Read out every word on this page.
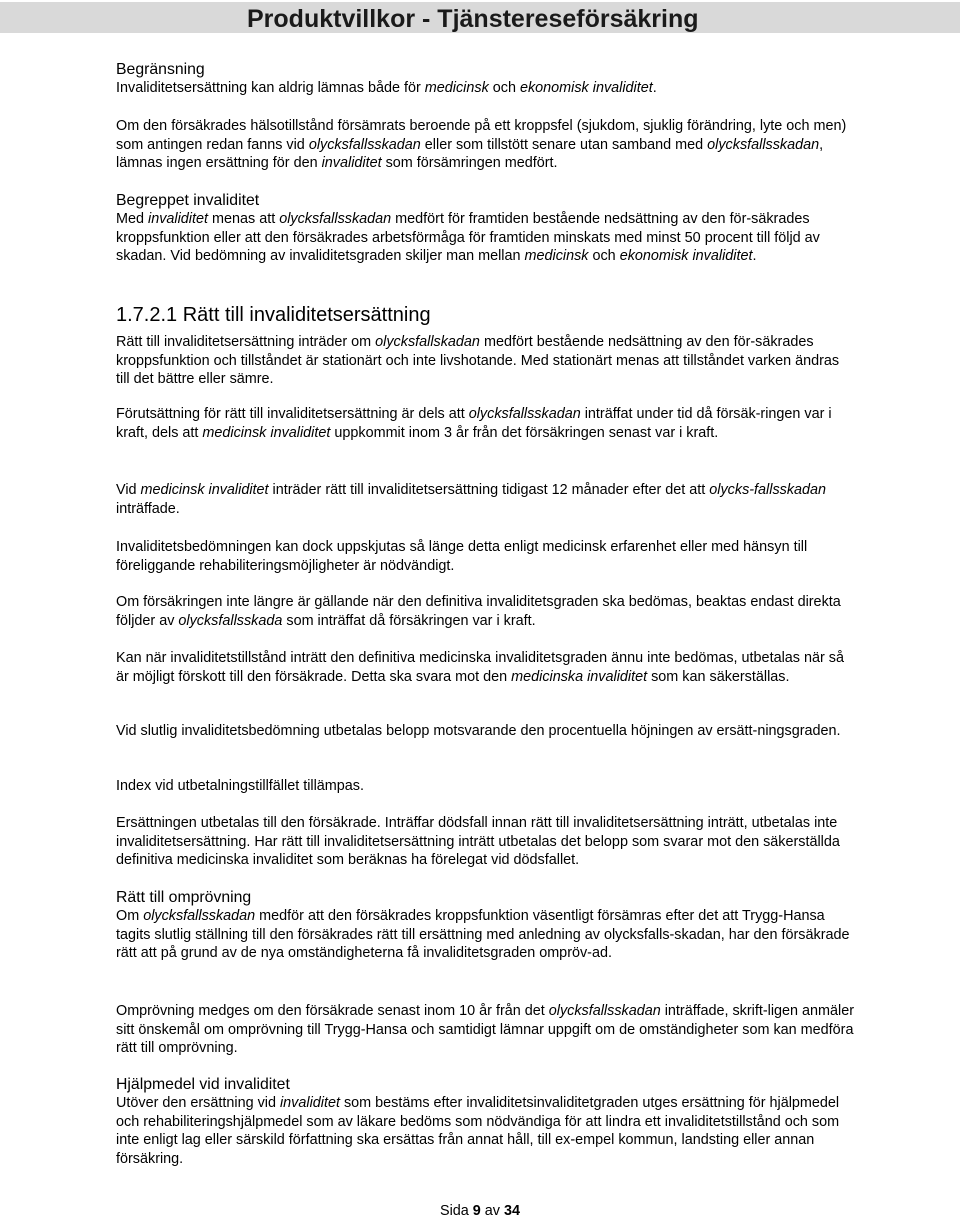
Produktvillkor - Tjänstereseförsäkring
Begränsning
Invaliditetsersättning kan aldrig lämnas både för medicinsk och ekonomisk invaliditet.
Om den försäkrades hälsotillstånd försämrats beroende på ett kroppsfel (sjukdom, sjuklig förändring, lyte och men) som antingen redan fanns vid olycksfallsskadan eller som tillstött senare utan samband med olycksfallsskadan, lämnas ingen ersättning för den invaliditet som försämringen medfört.
Begreppet invaliditet
Med invaliditet menas att olycksfallsskadan medfört för framtiden bestående nedsättning av den för-säkrades kroppsfunktion eller att den försäkrades arbetsförmåga för framtiden minskats med minst 50 procent till följd av skadan. Vid bedömning av invaliditetsgraden skiljer man mellan medicinsk och ekonomisk invaliditet.
1.7.2.1 Rätt till invaliditetsersättning
Rätt till invaliditetsersättning inträder om olycksfallskadan medfört bestående nedsättning av den för-säkrades kroppsfunktion och tillståndet är stationärt och inte livshotande. Med stationärt menas att tillståndet varken ändras till det bättre eller sämre.
Förutsättning för rätt till invaliditetsersättning är dels att olycksfallsskadan inträffat under tid då försäk-ringen var i kraft, dels att medicinsk invaliditet uppkommit inom 3 år från det försäkringen senast var i kraft.
Vid medicinsk invaliditet inträder rätt till invaliditetsersättning tidigast 12 månader efter det att olycks-fallsskadan inträffade.
Invaliditetsbedömningen kan dock uppskjutas så länge detta enligt medicinsk erfarenhet eller med hänsyn till föreliggande rehabiliteringsmöjligheter är nödvändigt.
Om försäkringen inte längre är gällande när den definitiva invaliditetsgraden ska bedömas, beaktas endast direkta följder av olycksfallsskada som inträffat då försäkringen var i kraft.
Kan när invaliditetstillstånd inträtt den definitiva medicinska invaliditetsgraden ännu inte bedömas, utbetalas när så är möjligt förskott till den försäkrade. Detta ska svara mot den medicinska invaliditet som kan säkerställas.
Vid slutlig invaliditetsbedömning utbetalas belopp motsvarande den procentuella höjningen av ersätt-ningsgraden.
Index vid utbetalningstillfället tillämpas.
Ersättningen utbetalas till den försäkrade. Inträffar dödsfall innan rätt till invaliditetsersättning inträtt, utbetalas inte invaliditetsersättning. Har rätt till invaliditetsersättning inträtt utbetalas det belopp som svarar mot den säkerställda definitiva medicinska invaliditet som beräknas ha förelegat vid dödsfallet.
Rätt till omprövning
Om olycksfallsskadan medför att den försäkrades kroppsfunktion väsentligt försämras efter det att Trygg-Hansa tagits slutlig ställning till den försäkrades rätt till ersättning med anledning av olycksfalls-skadan, har den försäkrade rätt att på grund av de nya omständigheterna få invaliditetsgraden ompröv-ad.
Omprövning medges om den försäkrade senast inom 10 år från det olycksfallsskadan inträffade, skrift-ligen anmäler sitt önskemål om omprövning till Trygg-Hansa och samtidigt lämnar uppgift om de omständigheter som kan medföra rätt till omprövning.
Hjälpmedel vid invaliditet
Utöver den ersättning vid invaliditet som bestäms efter invaliditetsinvaliditetgraden utges ersättning för hjälpmedel och rehabiliteringshjälpmedel som av läkare bedöms som nödvändiga för att lindra ett invaliditetstillstånd och som inte enligt lag eller särskild författning ska ersättas från annat håll, till ex-empel kommun, landsting eller annan försäkring.
Sida 9 av 34
